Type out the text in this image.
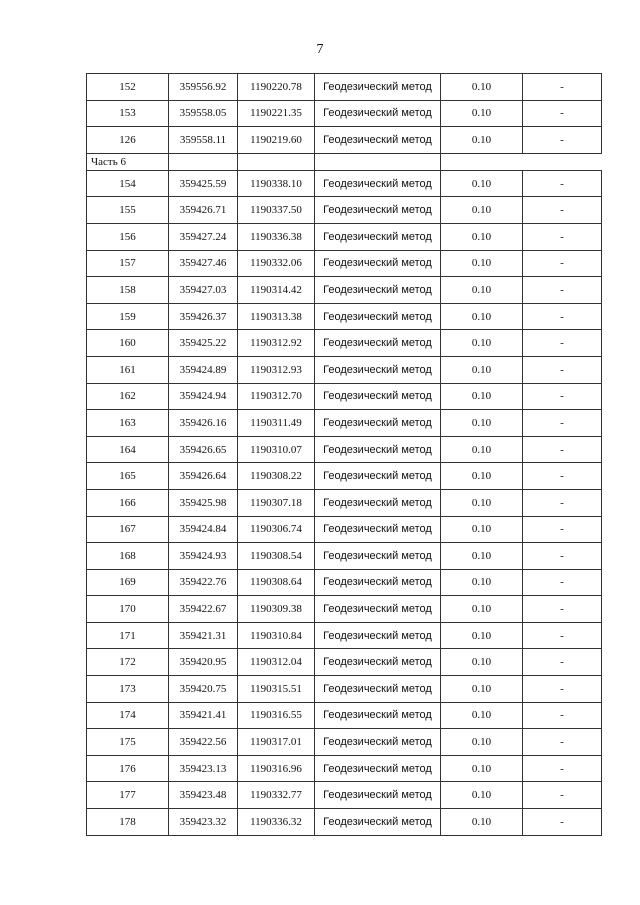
7
152	359556.92	1190220.78	Геодезический метод	0.10	-
153	359558.05	1190221.35	Геодезический метод	0.10	-
126	359558.11	1190219.60	Геодезический метод	0.10	-
Часть 6					
154	359425.59	1190338.10	Геодезический метод	0.10	-
155	359426.71	1190337.50	Геодезический метод	0.10	-
156	359427.24	1190336.38	Геодезический метод	0.10	-
157	359427.46	1190332.06	Геодезический метод	0.10	-
158	359427.03	1190314.42	Геодезический метод	0.10	-
159	359426.37	1190313.38	Геодезический метод	0.10	-
160	359425.22	1190312.92	Геодезический метод	0.10	-
161	359424.89	1190312.93	Геодезический метод	0.10	-
162	359424.94	1190312.70	Геодезический метод	0.10	-
163	359426.16	1190311.49	Геодезический метод	0.10	-
164	359426.65	1190310.07	Геодезический метод	0.10	-
165	359426.64	1190308.22	Геодезический метод	0.10	-
166	359425.98	1190307.18	Геодезический метод	0.10	-
167	359424.84	1190306.74	Геодезический метод	0.10	-
168	359424.93	1190308.54	Геодезический метод	0.10	-
169	359422.76	1190308.64	Геодезический метод	0.10	-
170	359422.67	1190309.38	Геодезический метод	0.10	-
171	359421.31	1190310.84	Геодезический метод	0.10	-
172	359420.95	1190312.04	Геодезический метод	0.10	-
173	359420.75	1190315.51	Геодезический метод	0.10	-
174	359421.41	1190316.55	Геодезический метод	0.10	-
175	359422.56	1190317.01	Геодезический метод	0.10	-
176	359423.13	1190316.96	Геодезический метод	0.10	-
177	359423.48	1190332.77	Геодезический метод	0.10	-
178	359423.32	1190336.32	Геодезический метод	0.10	-
